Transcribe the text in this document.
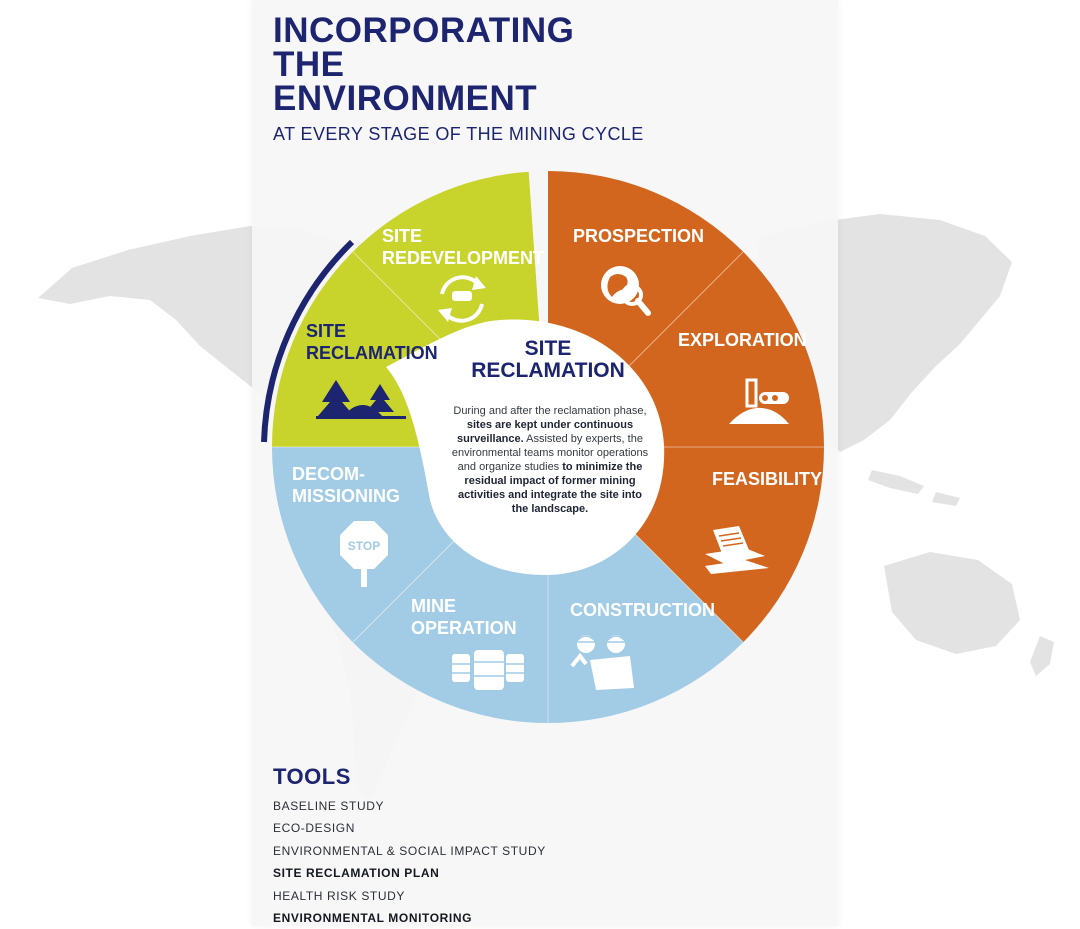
INCORPORATING
THE
ENVIRONMENT
AT EVERY STAGE OF THE MINING CYCLE
SITE
RECLAMATION
PROSPECTION
EXPLORATION
FEASIBILITY
CONSTRUCTION
MINE
OPERATION
DECOM-
MISSIONING
STOP
SITE
RECLAMATION
SITE
REDEVELOPMENT
During and after the reclamation phase, sites are kept under continuous surveillance. Assisted by experts, the environmental teams monitor operations and organize studies to minimize the residual impact of former mining activities and integrate the site into the landscape.
TOOLS
BASELINE STUDY
ECO-DESIGN
ENVIRONMENTAL & SOCIAL IMPACT STUDY
SITE RECLAMATION PLAN
HEALTH RISK STUDY
ENVIRONMENTAL MONITORING
